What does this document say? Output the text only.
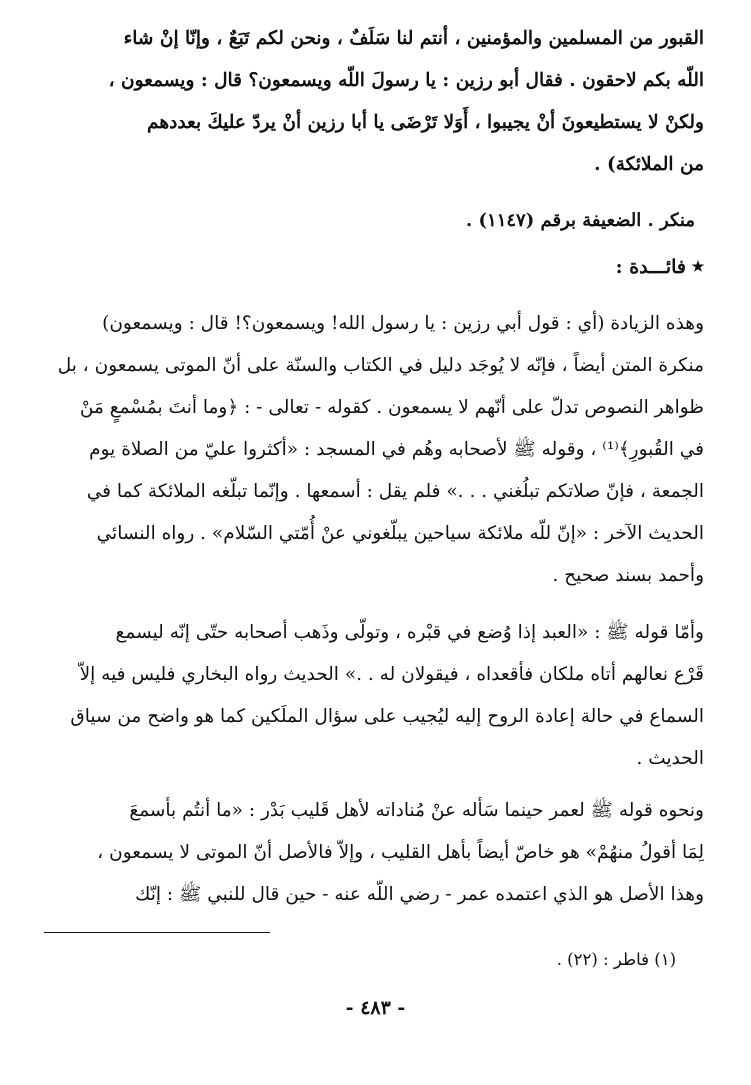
القبور من المسلمين والمؤمنين ، أنتم لنا سَلَفٌ ، ونحن لكم تَبَعٌ ، وإنّا إنْ شاء

اللّه بكم لاحقون . فقال أبو رزين : يا رسولَ اللّه ويسمعون؟ قال : ويسمعون ،

ولكنْ لا يستطيعونَ أنْ يجيبوا ، أَوَلا تَرْضَى يا أبا رزين أنْ يردّ عليكَ بعددهم

من الملائكة) .

منكر . الضعيفة برقم (١١٤٧) .
٭فائـــدة :

وهذه الزيادة (أي : قول أبي رزين : يا رسول الله! ويسمعون؟! قال : ويسمعون)

منكرة المتن أيضاً ، فإنّه لا يُوجَد دليل في الكتاب والسنّة على أنّ الموتى يسمعون ، بل

ظواهر النصوص تدلّ على أنّهم لا يسمعون . كقوله - تعالى - : ﴿وما أنتَ بمُسْمعٍ مَنْ

في القُبورِ﴾⁽¹⁾ ، وقوله ﷺ لأصحابه وهُم في المسجد : «أكثروا عليّ من الصلاة يوم

الجمعة ، فإنّ صلاتكم تبلُغني . . .» فلم يقل : أسمعها . وإنّما تبلّغه الملائكة كما في

الحديث الآخر : «إنّ للّه ملائكة سياحين يبلّغوني عنْ أُمّتي السّلام» . رواه النسائي

وأحمد بسند صحيح .

وأمّا قوله ﷺ : «العبد إذا وُضع في قبْره ، وتولّى وذَهب أصحابه حتّى إنّه ليسمع

قَرْع نعالهم أتاه ملكان فأقعداه ، فيقولان له . .» الحديث رواه البخاري فليس فيه إلاّ

السماع في حالة إعادة الروح إليه ليُجيب على سؤال الملَكين كما هو واضح من سياق

الحديث .

ونحوه قوله ﷺ لعمر حينما سَأله عنْ مُناداته لأهل قَليب بَدْر : «ما أنتُم بأسمعَ

لِمَا أقولُ منهُمْ» هو خاصّ أيضاً بأهل القليب ، وإلاّ فالأصل أنّ الموتى لا يسمعون ،

وهذا الأصل هو الذي اعتمده عمر - رضي اللّه عنه - حين قال للنبي ﷺ : إنّك

(١) فاطر : (٢٢) .
- ٤٨٣ -
